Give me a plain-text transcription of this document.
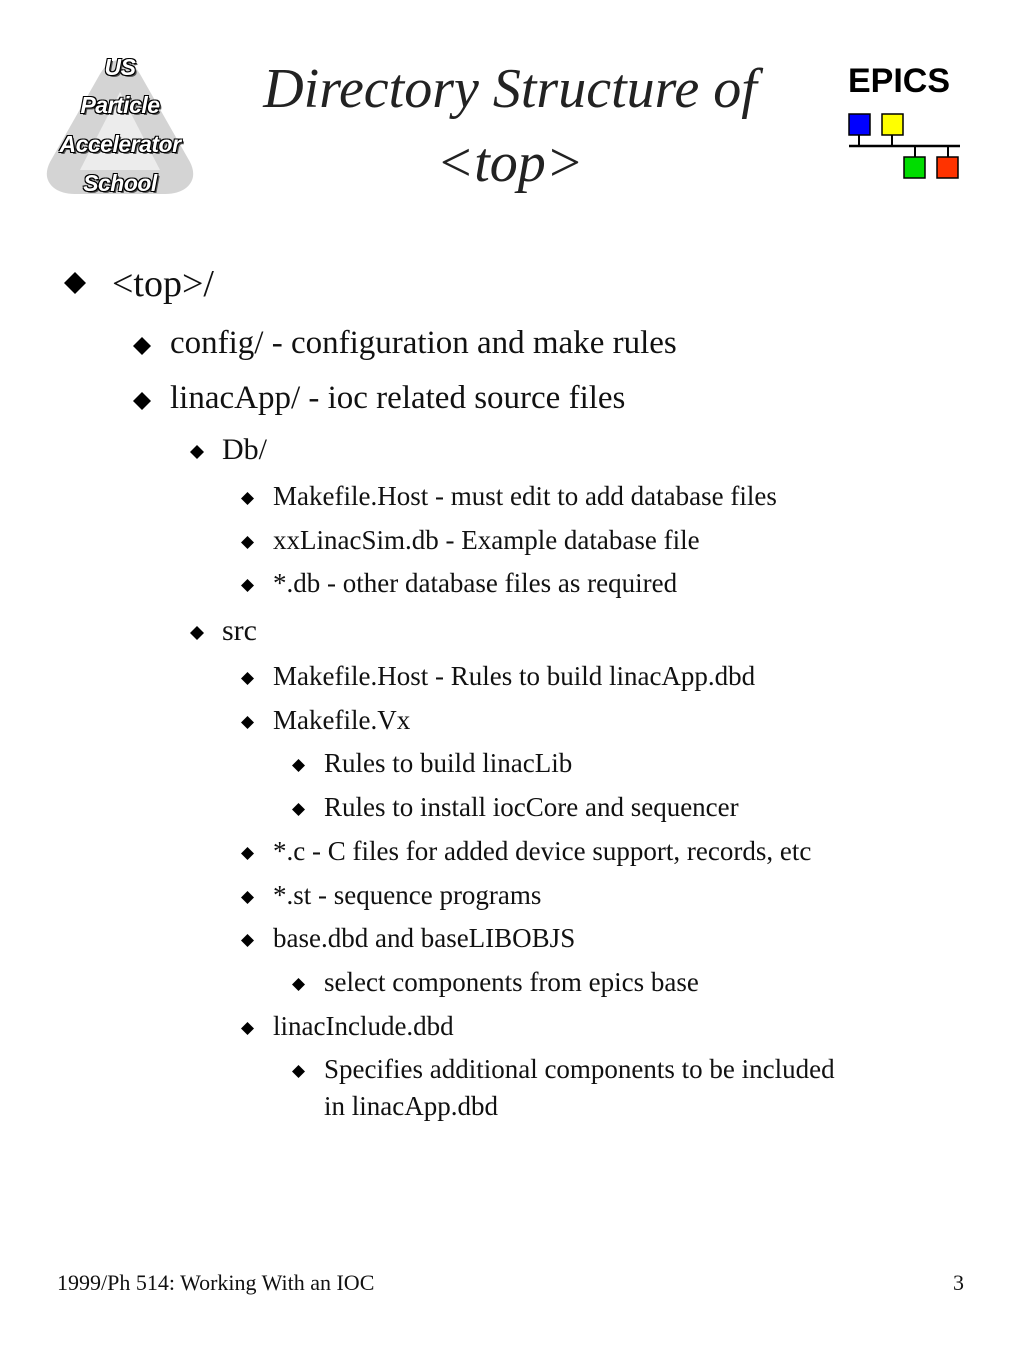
US
Particle
Accelerator
School
Directory Structure of
<top>
EPICS
<top>/
config/ - configuration and make rules
linacApp/ - ioc related source files
Db/
Makefile.Host - must edit to add database files
xxLinacSim.db - Example database file
*.db - other database files as required
src
Makefile.Host - Rules to build linacApp.dbd
Makefile.Vx
Rules to build linacLib
Rules to install iocCore and sequencer
*.c - C files for added device support, records, etc
*.st - sequence programs
base.dbd and baseLIBOBJS
select components from epics base
linacInclude.dbd
Specifies additional components to be included
in linacApp.dbd
1999/Ph 514: Working With an IOC	3
